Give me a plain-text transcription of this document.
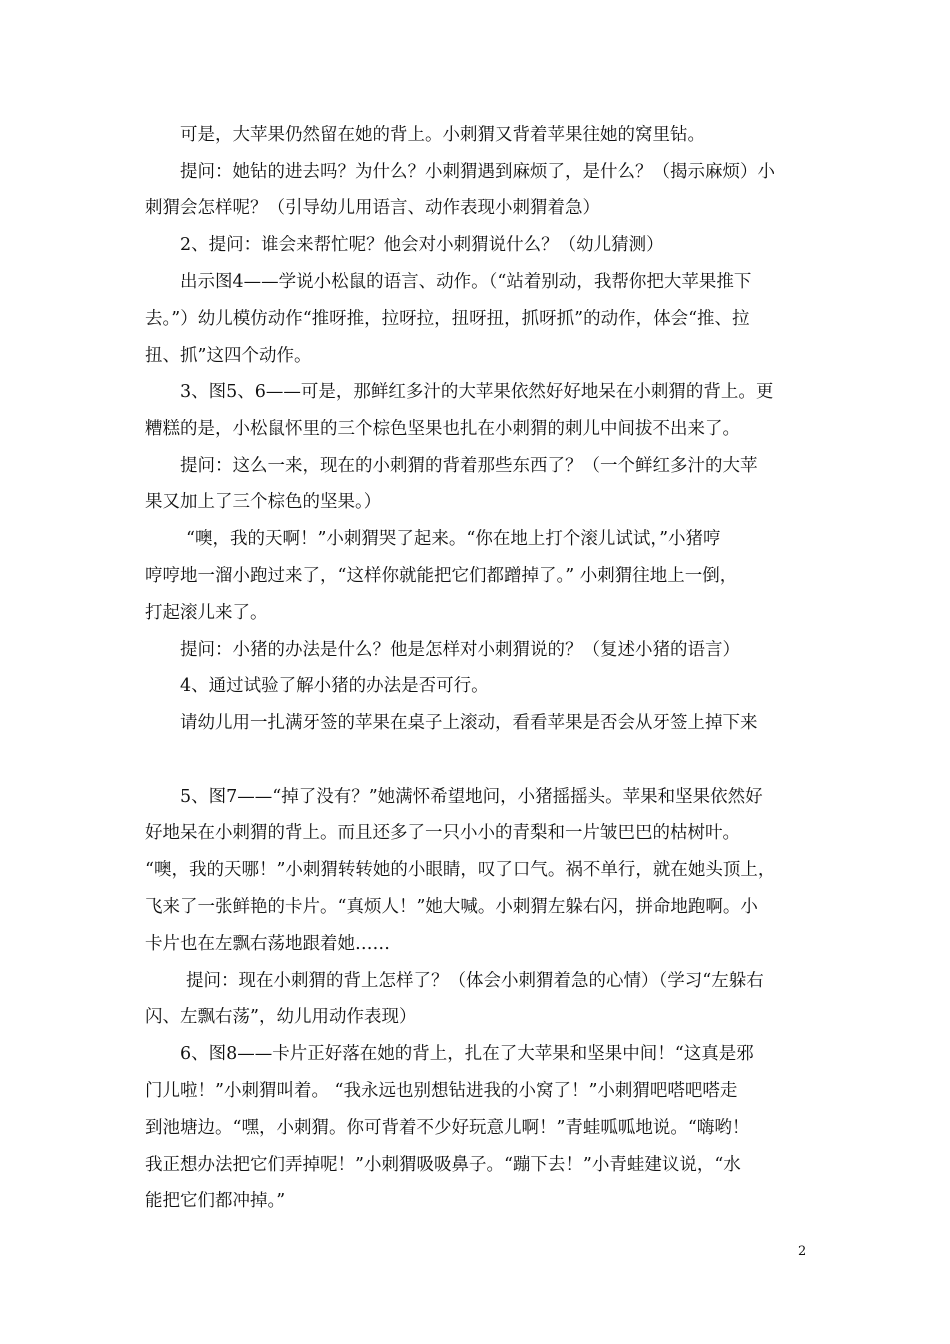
可是，大苹果仍然留在她的背上。小刺猬又背着苹果往她的窝里钻。
提问：她钻的进去吗？为什么？小刺猬遇到麻烦了，是什么？（揭示麻烦）小
刺猬会怎样呢？（引导幼儿用语言、动作表现小刺猬着急）
2、提问：谁会来帮忙呢？他会对小刺猬说什么？（幼儿猜测）
出示图4——学说小松鼠的语言、动作。（“站着别动，我帮你把大苹果推下
去。”）幼儿模仿动作“推呀推，拉呀拉，扭呀扭，抓呀抓”的动作，体会“推、拉
扭、抓”这四个动作。
3、图5、6——可是，那鲜红多汁的大苹果依然好好地呆在小刺猬的背上。更
糟糕的是，小松鼠怀里的三个棕色坚果也扎在小刺猬的刺儿中间拔不出来了。
提问：这么一来，现在的小刺猬的背着那些东西了？（一个鲜红多汁的大苹
果又加上了三个棕色的坚果。）
“噢，我的天啊！”小刺猬哭了起来。“你在地上打个滚儿试试，”小猪哼
哼哼地一溜小跑过来了，“这样你就能把它们都蹭掉了。” 小刺猬往地上一倒，
打起滚儿来了。
提问：小猪的办法是什么？他是怎样对小刺猬说的？（复述小猪的语言）
4、通过试验了解小猪的办法是否可行。
请幼儿用一扎满牙签的苹果在桌子上滚动，看看苹果是否会从牙签上掉下来
5、图7——“掉了没有？”她满怀希望地问，小猪摇摇头。苹果和坚果依然好
好地呆在小刺猬的背上。而且还多了一只小小的青梨和一片皱巴巴的枯树叶。
“噢，我的天哪！”小刺猬转转她的小眼睛，叹了口气。祸不单行，就在她头顶上，
飞来了一张鲜艳的卡片。“真烦人！”她大喊。小刺猬左躲右闪，拼命地跑啊。小
卡片也在左飘右荡地跟着她……
提问：现在小刺猬的背上怎样了？（体会小刺猬着急的心情）（学习“左躲右
闪、左飘右荡”，幼儿用动作表现）
6、图8——卡片正好落在她的背上，扎在了大苹果和坚果中间！“这真是邪
门儿啦！”小刺猬叫着。 “我永远也别想钻进我的小窝了！”小刺猬吧嗒吧嗒走
到池塘边。“嘿，小刺猬。你可背着不少好玩意儿啊！”青蛙呱呱地说。“嗨哟！
我正想办法把它们弄掉呢！”小刺猬吸吸鼻子。“蹦下去！”小青蛙建议说，“水
能把它们都冲掉。”
2
